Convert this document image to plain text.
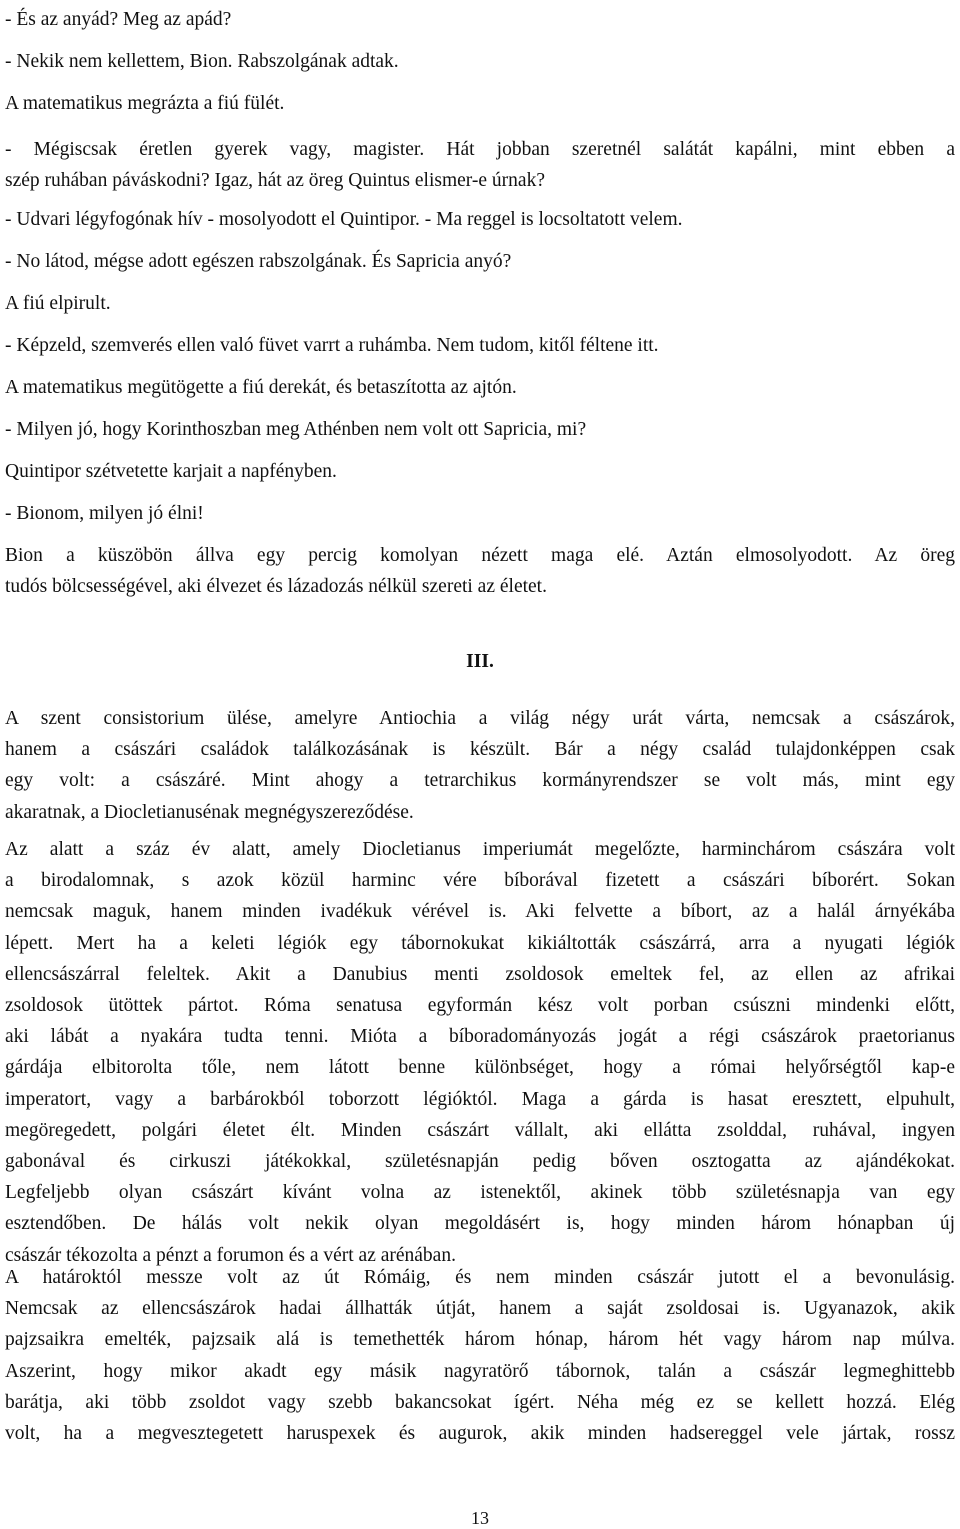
- És az anyád? Meg az apád?

- Nekik nem kellettem, Bion. Rabszolgának adtak.

A matematikus megrázta a fiú fülét.

- Mégiscsak éretlen gyerek vagy, magister. Hát jobban szeretnél salátát kapálni, mint ebben a
szép ruhában páváskodni? Igaz, hát az öreg Quintus elismer-e úrnak?

- Udvari légyfogónak hív - mosolyodott el Quintipor. - Ma reggel is locsoltatott velem.

- No látod, mégse adott egészen rabszolgának. És Sapricia anyó?

A fiú elpirult.

- Képzeld, szemverés ellen való füvet varrt a ruhámba. Nem tudom, kitől féltene itt.

A matematikus megütögette a fiú derekát, és betaszította az ajtón.

- Milyen jó, hogy Korinthoszban meg Athénben nem volt ott Sapricia, mi?

Quintipor szétvetette karjait a napfényben.

- Bionom, milyen jó élni!

Bion a küszöbön állva egy percig komolyan nézett maga elé. Aztán elmosolyodott. Az öreg
tudós bölcsességével, aki élvezet és lázadozás nélkül szereti az életet.
III.
A szent consistorium ülése, amelyre Antiochia a világ négy urát várta, nemcsak a császárok,
hanem a császári családok találkozásának is készült. Bár a négy család tulajdonképpen csak
egy volt: a császáré. Mint ahogy a tetrarchikus kormányrendszer se volt más, mint egy
akaratnak, a Diocletianusénak megnégyszereződése.
Az alatt a száz év alatt, amely Diocletianus imperiumát megelőzte, harminchárom császára volt
a birodalomnak, s azok közül harminc vére bíborával fizetett a császári bíborért. Sokan
nemcsak maguk, hanem minden ivadékuk vérével is. Aki felvette a bíbort, az a halál árnyékába
lépett. Mert ha a keleti légiók egy tábornokukat kikiáltották császárrá, arra a nyugati légiók
ellencsászárral feleltek. Akit a Danubius menti zsoldosok emeltek fel, az ellen az afrikai
zsoldosok ütöttek pártot. Róma senatusa egyformán kész volt porban csúszni mindenki előtt,
aki lábát a nyakára tudta tenni. Mióta a bíboradományozás jogát a régi császárok praetorianus
gárdája elbitorolta tőle, nem látott benne különbséget, hogy a római helyőrségtől kap-e
imperatort, vagy a barbárokból toborzott légióktól. Maga a gárda is hasat eresztett, elpuhult,
megöregedett, polgári életet élt. Minden császárt vállalt, aki ellátta zsolddal, ruhával, ingyen
gabonával és cirkuszi játékokkal, születésnapján pedig bőven osztogatta az ajándékokat.
Legfeljebb olyan császárt kívánt volna az istenektől, akinek több születésnapja van egy
esztendőben. De hálás volt nekik olyan megoldásért is, hogy minden három hónapban új
császár tékozolta a pénzt a forumon és a vért az arénában.
A határoktól messze volt az út Rómáig, és nem minden császár jutott el a bevonulásig.
Nemcsak az ellencsászárok hadai állhatták útját, hanem a saját zsoldosai is. Ugyanazok, akik
pajzsaikra emelték, pajzsaik alá is temethették három hónap, három hét vagy három nap múlva.
Aszerint, hogy mikor akadt egy másik nagyratörő tábornok, talán a császár legmeghittebb
barátja, aki több zsoldot vagy szebb bakancsokat ígért. Néha még ez se kellett hozzá. Elég
volt, ha a megvesztegetett haruspexek és augurok, akik minden hadsereggel vele jártak, rossz
13
